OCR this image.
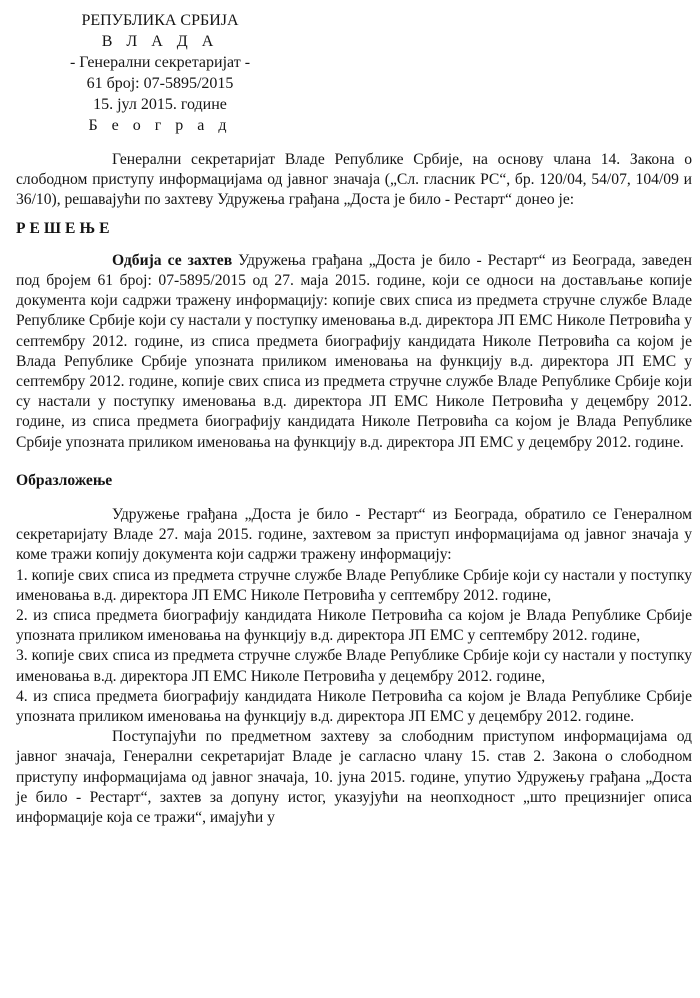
РЕПУБЛИКА СРБИЈА
В Л А Д А
- Генерални секретаријат -
61 број: 07-5895/2015
15. јул 2015. године
Б е о г р а д

Генерални секретаријат Владе Републике Србије, на основу члана 14. Закона о слободном приступу информацијама од јавног значаја („Сл. гласник РС“, бр. 120/04, 54/07, 104/09 и 36/10), решавајући по захтеву Удружења грађана „Доста је било - Рестарт“ донео је:

РЕШЕЊЕ

Одбија се захтев Удружења грађана „Доста је било - Рестарт“ из Београда, заведен под бројем 61 број: 07-5895/2015 од 27. маја 2015. године, који се односи на достављање копије документа који садржи тражену информацију: копије свих списа из предмета стручне службе Владе Републике Србије који су настали у поступку именовања в.д. директора ЈП ЕМС Николе Петровића у септембру 2012. године, из списа предмета биографију кандидата Николе Петровића са којом је Влада Републике Србије упозната приликом именовања на функцију в.д. директора ЈП ЕМС у септембру 2012. године, копије свих списа из предмета стручне службе Владе Републике Србије који су настали у поступку именовања в.д. директора ЈП ЕМС Николе Петровића у децембру 2012. године, из списа предмета биографију кандидата Николе Петровића са којом је Влада Републике Србије упозната приликом именовања на функцију в.д. директора ЈП ЕМС у децембру 2012. године.

Образложење

Удружење грађана „Доста је било - Рестарт“ из Београда, обратило се Генералном секретаријату Владе 27. маја 2015. године, захтевом за приступ информацијама од јавног значаја у коме тражи копију документа који садржи тражену информацију:

1. копије свих списа из предмета стручне службе Владе Републике Србије који су настали у поступку именовања в.д. директора ЈП ЕМС Николе Петровића у септембру 2012. године,

2. из списа предмета биографију кандидата Николе Петровића са којом је Влада Републике Србије упозната приликом именовања на функцију в.д. директора ЈП ЕМС у септембру 2012. године,

3. копије свих списа из предмета стручне службе Владе Републике Србије који су настали у поступку именовања в.д. директора ЈП ЕМС Николе Петровића у децембру 2012. године,

4. из списа предмета биографију кандидата Николе Петровића са којом је Влада Републике Србије упозната приликом именовања на функцију в.д. директора ЈП ЕМС у децембру 2012. године.

Поступајући по предметном захтеву за слободним приступом информацијама од јавног значаја, Генерални секретаријат Владе је сагласно члану 15. став 2. Закона о слободном приступу информацијама од јавног значаја, 10. јуна 2015. године, упутио Удружењу грађана „Доста је било - Рестарт“, захтев за допуну истог, указујући на неопходност „што прецизнијег описа информације која се тражи“, имајући у
